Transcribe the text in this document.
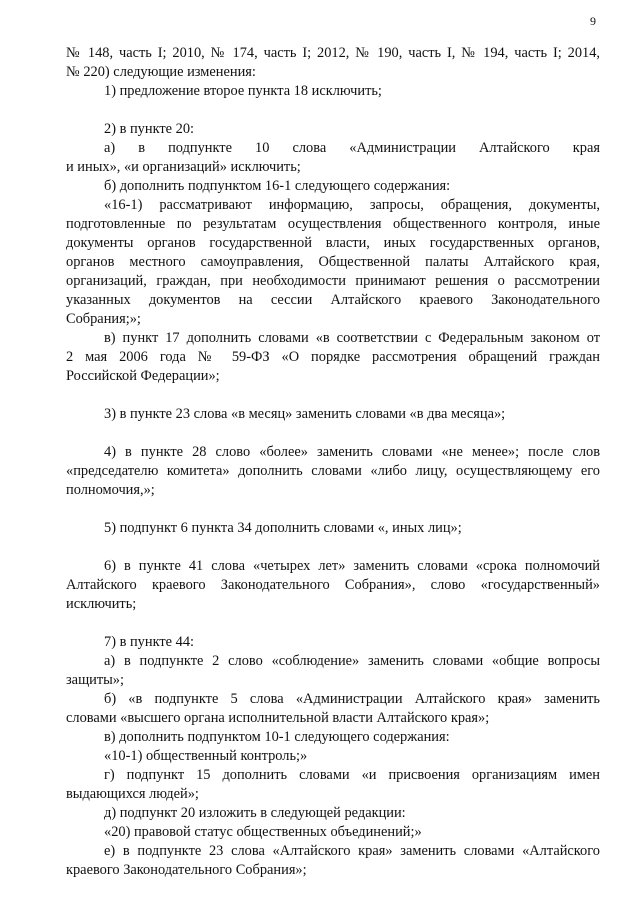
9
№ 148, часть I; 2010, № 174, часть I; 2012, № 190, часть I, № 194, часть I; 2014,
№ 220) следующие изменения:
1) предложение второе пункта 18 исключить;
2) в пункте 20:
а) в подпункте 10 слова «Администрации Алтайского края
и иных», «и организаций» исключить;
б) дополнить подпунктом 16-1 следующего содержания:
«16-1) рассматривают информацию, запросы, обращения, документы,
подготовленные по результатам осуществления общественного контроля, иные
документы органов государственной власти, иных государственных органов,
органов местного самоуправления, Общественной палаты Алтайского края,
организаций, граждан, при необходимости принимают решения о рассмотрении
указанных документов на сессии Алтайского краевого Законодательного
Собрания;»;
в) пункт 17 дополнить словами «в соответствии с Федеральным законом от
2 мая 2006 года № 59-ФЗ «О порядке рассмотрения обращений граждан
Российской Федерации»;
3) в пункте 23 слова «в месяц» заменить словами «в два месяца»;
4) в пункте 28 слово «более» заменить словами «не менее»; после слов
«председателю комитета» дополнить словами «либо лицу, осуществляющему его
полномочия,»;
5) подпункт 6 пункта 34 дополнить словами «, иных лиц»;
6) в пункте 41 слова «четырех лет» заменить словами «срока полномочий
Алтайского краевого Законодательного Собрания», слово «государственный»
исключить;
7) в пункте 44:
а) в подпункте 2 слово «соблюдение» заменить словами «общие вопросы
защиты»;
б) «в подпункте 5 слова «Администрации Алтайского края» заменить
словами «высшего органа исполнительной власти Алтайского края»;
в) дополнить подпунктом 10-1 следующего содержания:
«10-1) общественный контроль;»
г) подпункт 15 дополнить словами «и присвоения организациям имен
выдающихся людей»;
д) подпункт 20 изложить в следующей редакции:
«20) правовой статус общественных объединений;»
е) в подпункте 23 слова «Алтайского края» заменить словами «Алтайского
краевого Законодательного Собрания»;
